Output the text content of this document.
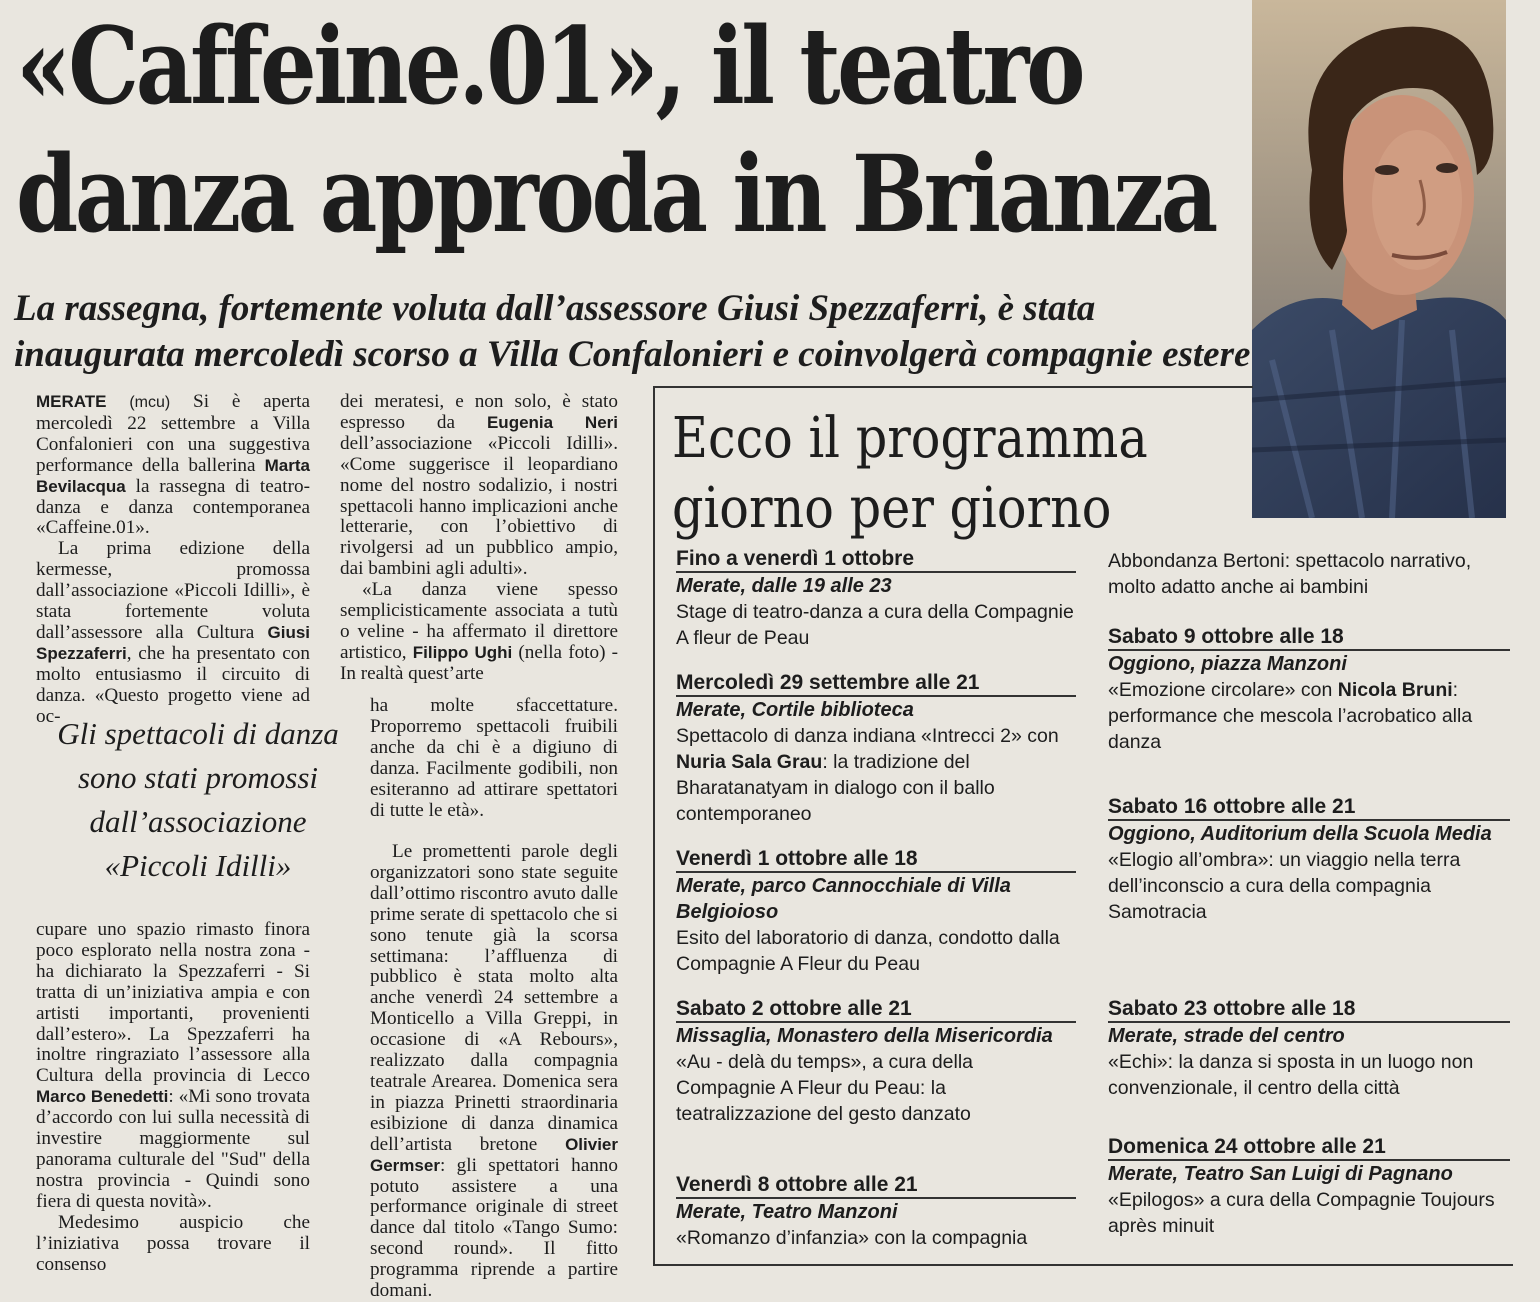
«Caffeine.01», il teatro
danza approda in Brianza
La rassegna, fortemente voluta dall’assessore Giusi Spezzaferri, è stata
inaugurata mercoledì scorso a Villa Confalonieri e coinvolgerà compagnie estere

MERATE (mcu) Si è aperta mercoledì 22 settembre a Villa Confalonieri con una suggestiva performance della ballerina Marta Bevilacqua la rassegna di teatro-danza e danza contemporanea «Caffeine.01».

La prima edizione della kermesse, promossa dall’associazione «Piccoli Idilli», è stata fortemente voluta dall’assessore alla Cultura Giusi Spezzaferri, che ha presentato con molto entusiasmo il circuito di danza. «Questo progetto viene ad oc-

Gli spettacoli di danza
sono stati promossi
dall’associazione
«Piccoli Idilli»

cupare uno spazio rimasto finora poco esplorato nella nostra zona - ha dichiarato la Spezzaferri - Si tratta di un’iniziativa ampia e con artisti importanti, provenienti dall’estero». La Spezzaferri ha inoltre ringraziato l’assessore alla Cultura della provincia di Lecco Marco Benedetti: «Mi sono trovata d’accordo con lui sulla necessità di investire maggiormente sul panorama culturale del "Sud" della nostra provincia - Quindi sono fiera di questa novità».

Medesimo auspicio che l’iniziativa possa trovare il consenso

dei meratesi, e non solo, è stato espresso da Eugenia Neri dell’associazione «Piccoli Idilli». «Come suggerisce il leopardiano nome del nostro sodalizio, i nostri spettacoli hanno implicazioni anche letterarie, con l’obiettivo di rivolgersi ad un pubblico ampio, dai bambini agli adulti».

«La danza viene spesso semplicisticamente associata a tutù o veline - ha affermato il direttore artistico, Filippo Ughi (nella foto) - In realtà quest’arte

ha molte sfaccettature. Proporremo spettacoli fruibili anche da chi è a digiuno di danza. Facilmente godibili, non esiteranno ad attirare spettatori di tutte le età».

Le promettenti parole degli organizzatori sono state seguite dall’ottimo riscontro avuto dalle prime serate di spettacolo che si sono tenute già la scorsa settimana: l’affluenza di pubblico è stata molto alta anche venerdì 24 settembre a Monticello a Villa Greppi, in occasione di «A Rebours», realizzato dalla compagnia teatrale Arearea. Domenica sera in piazza Prinetti straordinaria esibizione di danza dinamica dell’artista bretone Olivier Germser: gli spettatori hanno potuto assistere a una performance originale di street dance dal titolo «Tango Sumo: second round». Il fitto programma riprende a partire domani.

Ecco il programma
giorno per giorno
Fino a venerdì 1 ottobre
Merate, dalle 19 alle 23
Stage di teatro-danza a cura della Compagnie A fleur de Peau
Mercoledì 29 settembre alle 21
Merate, Cortile biblioteca
Spettacolo di danza indiana «Intrecci 2» con Nuria Sala Grau: la tradizione del Bharatanatyam in dialogo con il ballo contemporaneo
Venerdì 1 ottobre alle 18
Merate, parco Cannocchiale di Villa Belgioioso
Esito del laboratorio di danza, condotto dalla Compagnie A Fleur du Peau
Sabato 2 ottobre alle 21
Missaglia, Monastero della Misericordia
«Au - delà du temps», a cura della Compagnie A Fleur du Peau: la teatralizzazione del gesto danzato
Venerdì 8 ottobre alle 21
Merate, Teatro Manzoni
«Romanzo d’infanzia» con la compagnia
Abbondanza Bertoni: spettacolo narrativo, molto adatto anche ai bambini
Sabato 9 ottobre alle 18
Oggiono, piazza Manzoni
«Emozione circolare» con Nicola Bruni: performance che mescola l’acrobatico alla danza
Sabato 16 ottobre alle 21
Oggiono, Auditorium della Scuola Media
«Elogio all’ombra»: un viaggio nella terra dell’inconscio a cura della compagnia Samotracia
Sabato 23 ottobre alle 18
Merate, strade del centro
«Echi»: la danza si sposta in un luogo non convenzionale, il centro della città
Domenica 24 ottobre alle 21
Merate, Teatro San Luigi di Pagnano
«Epilogos» a cura della Compagnie Toujours après minuit
